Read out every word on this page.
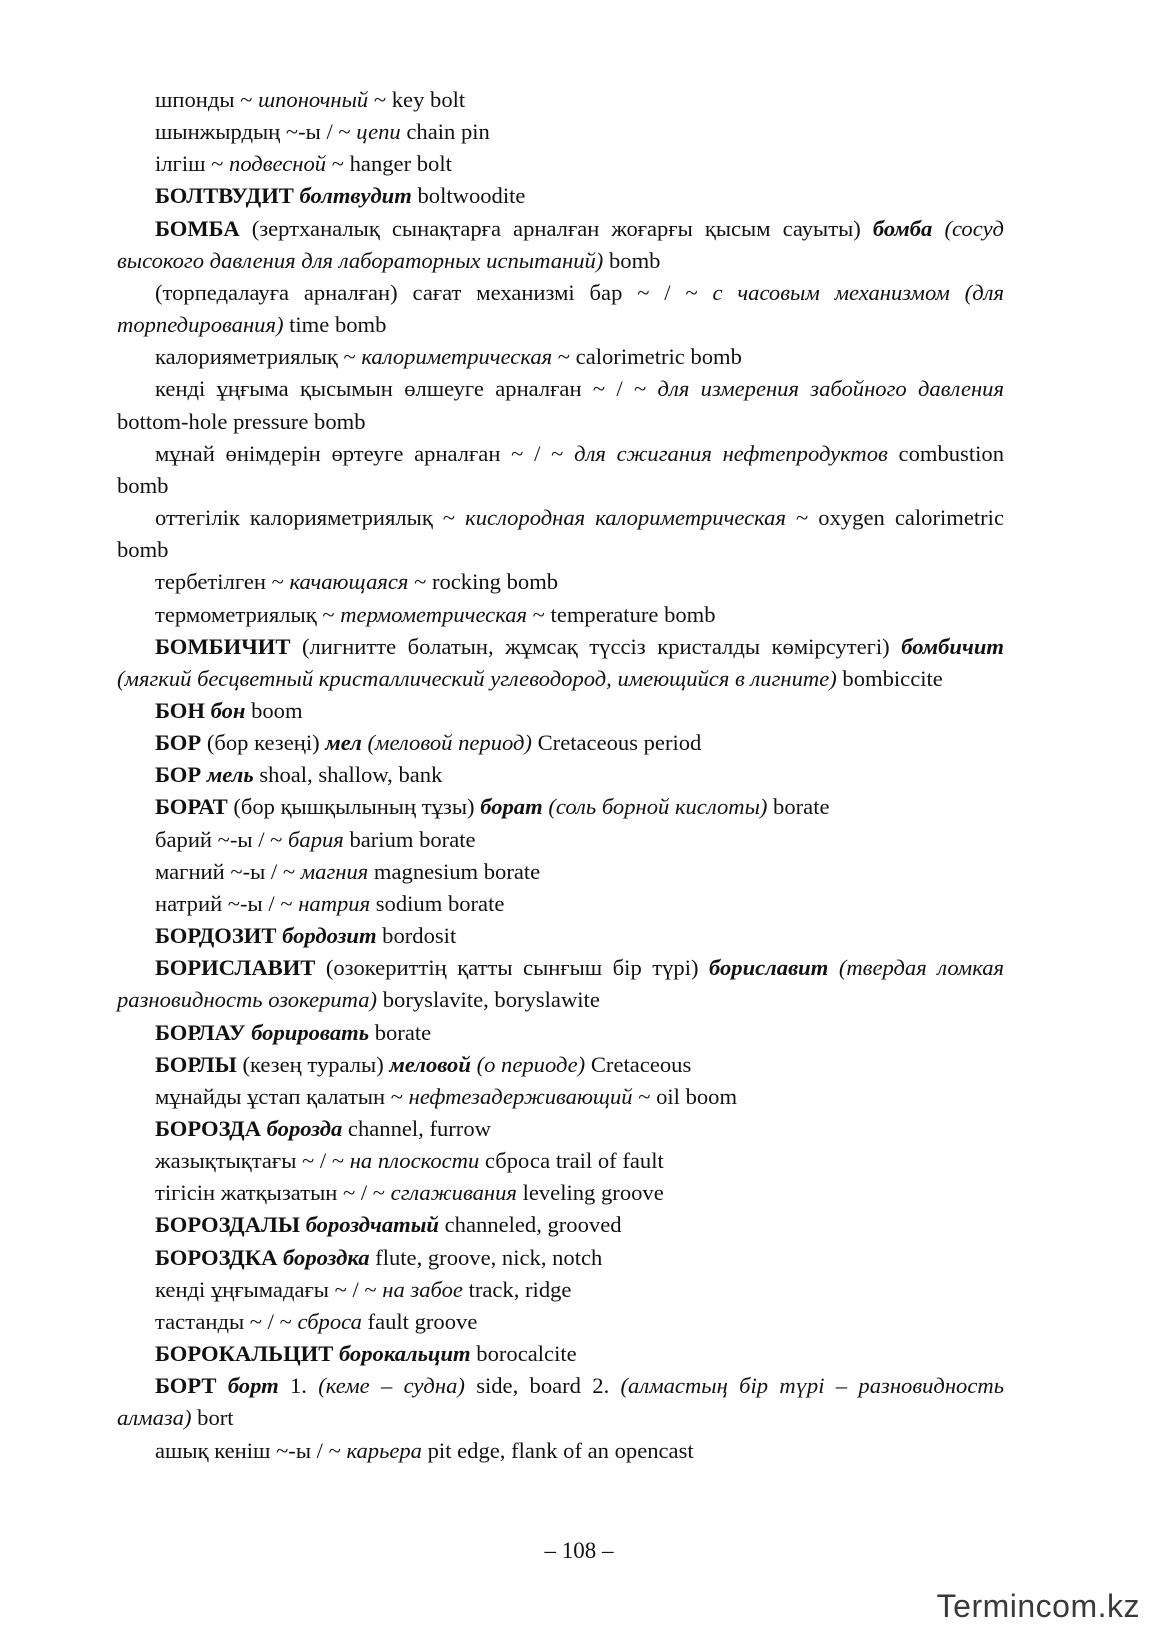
шпонды ~ шпоночный ~ key bolt

шынжырдың ~-ы / ~ цепи chain pin

ілгіш ~ подвесной ~ hanger bolt

БОЛТВУДИТ болтвудит boltwoodite

БОМБА (зертханалық сынақтарға арналған жоғарғы қысым сауыты) бомба (сосуд высокого давления для лабораторных испытаний) bomb

(торпедалауға арналған) сағат механизмі бар ~ / ~ с часовым механизмом (для торпедирования) time bomb

калорияметриялық ~ калориметрическая ~ calorimetric bomb

кенді ұңғыма қысымын өлшеуге арналған ~ / ~ для измерения забойного давления bottom-hole pressure bomb

мұнай өнімдерін өртеуге арналған ~ / ~ для сжигания нефтепродуктов combustion bomb

оттегілік калорияметриялық ~ кислородная калориметрическая ~ oxygen calorimetric bomb

тербетілген ~ качающаяся ~ rocking bomb

термометриялық ~ термометрическая ~ temperature bomb

БОМБИЧИТ (лигнитте болатын, жұмсақ түссіз кристалды көмірсутегі) бомбичит (мягкий бесцветный кристаллический углеводород, имеющийся в лигните) bombiccite

БОН бон boom

БОР (бор кезеңі) мел (меловой период) Cretaceous period

БОР мель shoal, shallow, bank

БОРАТ (бор қышқылының тұзы) борат (соль борной кислоты) borate

барий ~-ы / ~ бария barium borate

магний ~-ы / ~ магния magnesium borate

натрий ~-ы / ~ натрия sodium borate

БОРДОЗИТ бордозит bordosit

БОРИСЛАВИТ (озокериттің қатты сынғыш бір түрі) бориславит (твердая ломкая разновидность озокерита) boryslavite, boryslawite

БОРЛАУ борировать borate

БОРЛЫ (кезең туралы) меловой (о периоде) Cretaceous

мұнайды ұстап қалатын ~ нефтезадерживающий ~ oil boom

БОРОЗДА борозда channel, furrow

жазықтықтағы ~ / ~ на плоскости сброса trail of fault

тігісін жатқызатын ~ / ~ сглаживания leveling groove

БОРОЗДАЛЫ бороздчатый channeled, grooved

БОРОЗДКА бороздка flute, groove, nick, notch

кенді ұңғымадағы ~ / ~ на забое track, ridge

тастанды ~ / ~ сброса fault groove

БОРОКАЛЬЦИТ борокальцит borocalcite

БОРТ борт 1. (кеме – судна) side, board 2. (алмастың бір түрі – разновидность алмаза) bort

ашық кеніш ~-ы / ~ карьера pit edge, flank of an opencast

– 108 –
Termincom.kz
